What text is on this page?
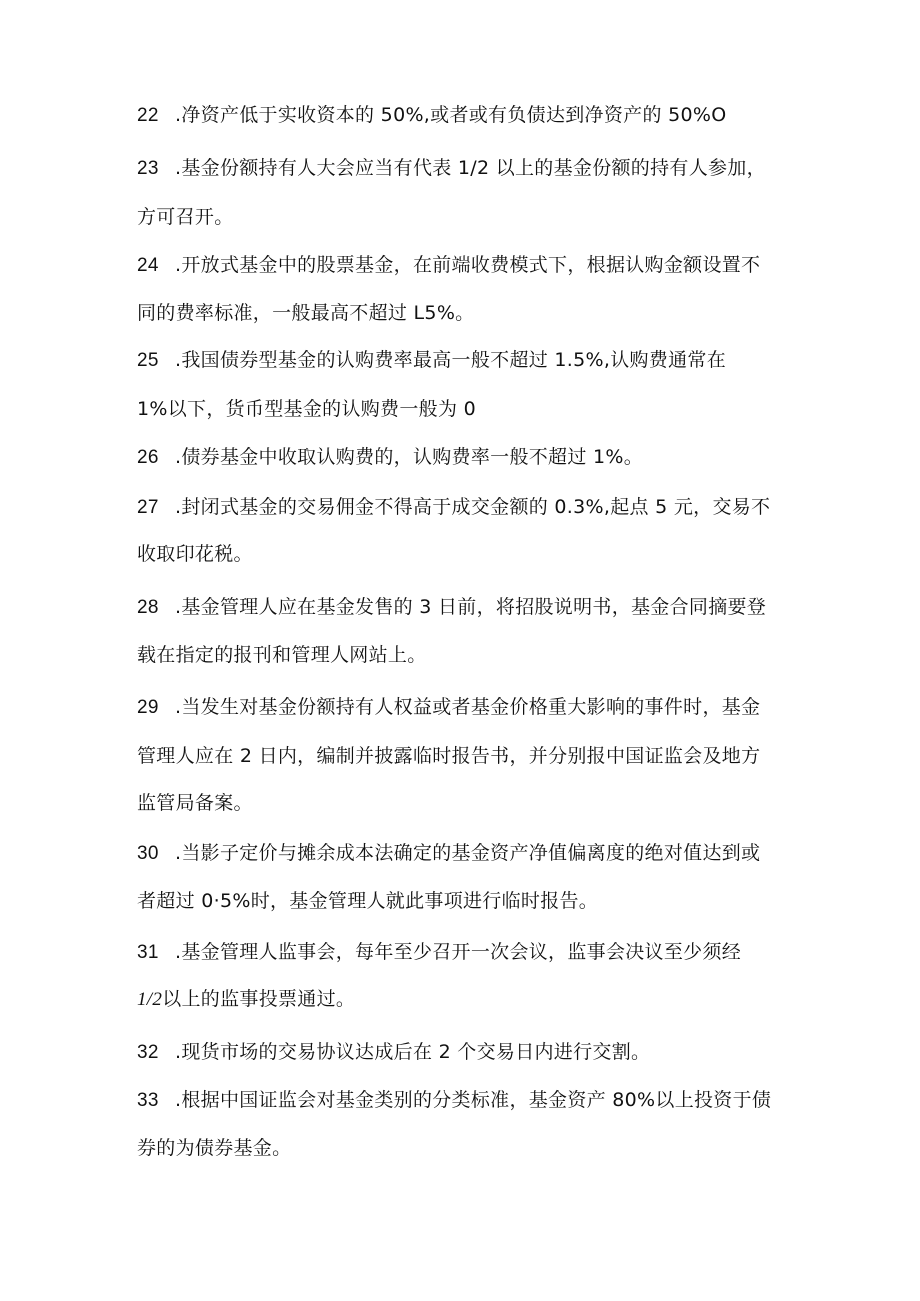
22 .净资产低于实收资本的 50%,或者或有负债达到净资产的 50%O
23 .基金份额持有人大会应当有代表 1/2 以上的基金份额的持有人参加，
方可召开。
24 .开放式基金中的股票基金，在前端收费模式下，根据认购金额设置不
同的费率标准，一般最高不超过 L5%。
25 .我国债券型基金的认购费率最高一般不超过 1.5%,认购费通常在
1%以下，货币型基金的认购费一般为 0
26 .债券基金中收取认购费的，认购费率一般不超过 1%。
27 .封闭式基金的交易佣金不得高于成交金额的 0.3%,起点 5 元，交易不
收取印花税。
28 .基金管理人应在基金发售的 3 日前，将招股说明书，基金合同摘要登
载在指定的报刊和管理人网站上。
29 .当发生对基金份额持有人权益或者基金价格重大影响的事件时，基金
管理人应在 2 日内，编制并披露临时报告书，并分别报中国证监会及地方
监管局备案。
30 .当影子定价与摊余成本法确定的基金资产净值偏离度的绝对值达到或
者超过 0·5%时，基金管理人就此事项进行临时报告。
31 .基金管理人监事会，每年至少召开一次会议，监事会决议至少须经
1/2以上的监事投票通过。
32 .现货市场的交易协议达成后在 2 个交易日内进行交割。
33 .根据中国证监会对基金类别的分类标准，基金资产 80%以上投资于债
券的为债券基金。
